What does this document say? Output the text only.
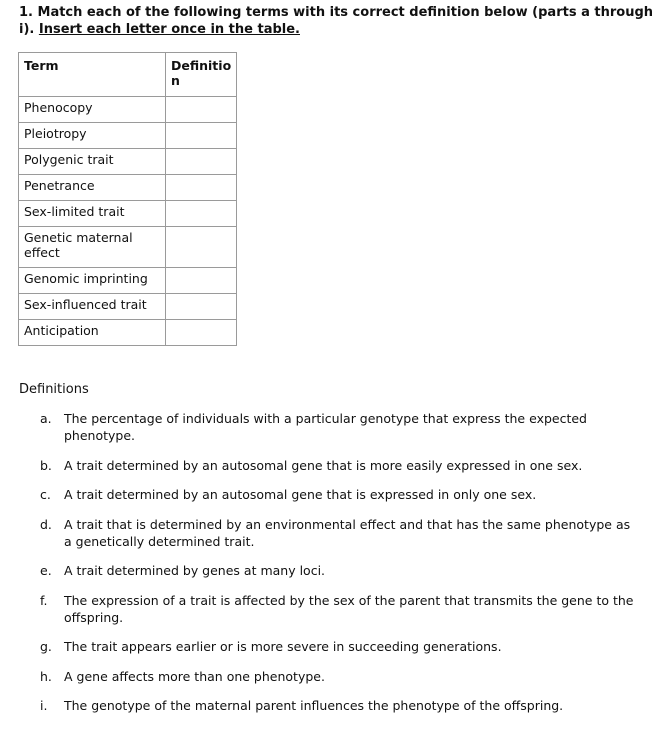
1. Match each of the following terms with its correct definition below (parts a through
i). Insert each letter once in the table.
Term	Definitio
n
Phenocopy	
Pleiotropy	
Polygenic trait	
Penetrance	
Sex-limited trait	
Genetic maternal effect	
Genomic imprinting	
Sex-influenced trait	
Anticipation	
Definitions
a. The percentage of individuals with a particular genotype that express the expected phenotype.
b. A trait determined by an autosomal gene that is more easily expressed in one sex.
c.	A trait determined by an autosomal gene that is expressed in only one sex.
d. A trait that is determined by an environmental effect and that has the same phenotype as a genetically determined trait.
e. A trait determined by genes at many loci.
f.	The expression of a trait is affected by the sex of the parent that transmits the gene to the offspring.
g. The trait appears earlier or is more severe in succeeding generations.
h. A gene affects more than one phenotype.
i.	The genotype of the maternal parent influences the phenotype of the offspring.
